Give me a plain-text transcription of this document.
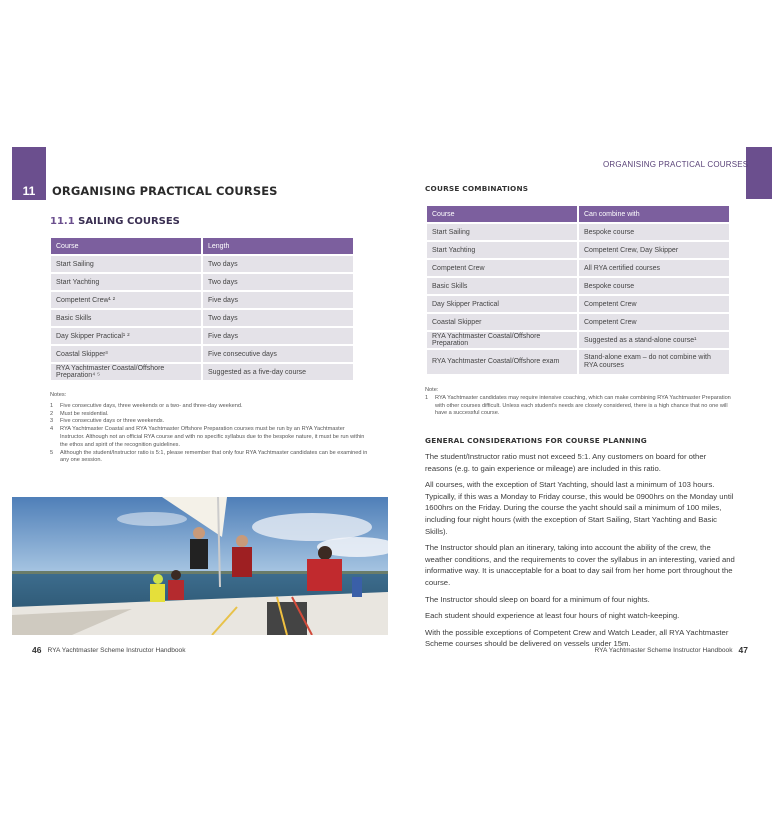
11	ORGANISING PRACTICAL COURSES
11.1 SAILING COURSES
Course	Length
Start Sailing	Two days
Start Yachting	Two days
Competent Crew¹ ²	Five days
Basic Skills	Two days
Day Skipper Practical¹ ²	Five days
Coastal Skipper³	Five consecutive days
RYA Yachtmaster Coastal/Offshore Preparation⁴ ⁵	Suggested as a five-day course
Notes:
1	Five consecutive days, three weekends or a two- and three-day weekend.
2	Must be residential.
3	Five consecutive days or three weekends.
4	RYA Yachtmaster Coastal and RYA Yachtmaster Offshore Preparation courses must be run by an RYA Yachtmaster Instructor. Although not an official RYA course and with no specific syllabus due to the bespoke nature, it must be run within the ethos and spirit of the recognition guidelines.
5	Although the student/Instructor ratio is 5:1, please remember that only four RYA Yachtmaster candidates can be examined in any one session.
46 RYA Yachtmaster Scheme Instructor Handbook
ORGANISING PRACTICAL COURSES
COURSE COMBINATIONS
Course	Can combine with
Start Sailing	Bespoke course
Start Yachting	Competent Crew, Day Skipper
Competent Crew	All RYA certified courses
Basic Skills	Bespoke course
Day Skipper Practical	Competent Crew
Coastal Skipper	Competent Crew
RYA Yachtmaster Coastal/Offshore Preparation	Suggested as a stand-alone course¹
RYA Yachtmaster Coastal/Offshore exam	Stand-alone exam – do not combine with RYA courses
Note:
1	RYA Yachtmaster candidates may require intensive coaching, which can make combining RYA Yachtmaster Preparation with other courses difficult. Unless each student's needs are closely considered, there is a high chance that no one will have a successful course.
GENERAL CONSIDERATIONS FOR COURSE PLANNING

The student/Instructor ratio must not exceed 5:1. Any customers on board for other reasons (e.g. to gain experience or mileage) are included in this ratio.

All courses, with the exception of Start Yachting, should last a minimum of 103 hours. Typically, if this was a Monday to Friday course, this would be 0900hrs on the Monday until 1600hrs on the Friday. During the course the yacht should sail a minimum of 100 miles, including four night hours (with the exception of Start Sailing, Start Yachting and Basic Skills).

The Instructor should plan an itinerary, taking into account the ability of the crew, the weather conditions, and the requirements to cover the syllabus in an interesting, varied and informative way. It is unacceptable for a boat to day sail from her home port throughout the course.

The Instructor should sleep on board for a minimum of four nights.

Each student should experience at least four hours of night watch-keeping.

With the possible exceptions of Competent Crew and Watch Leader, all RYA Yachtmaster Scheme courses should be delivered on vessels under 15m.

RYA Yachtmaster Scheme Instructor Handbook 47
